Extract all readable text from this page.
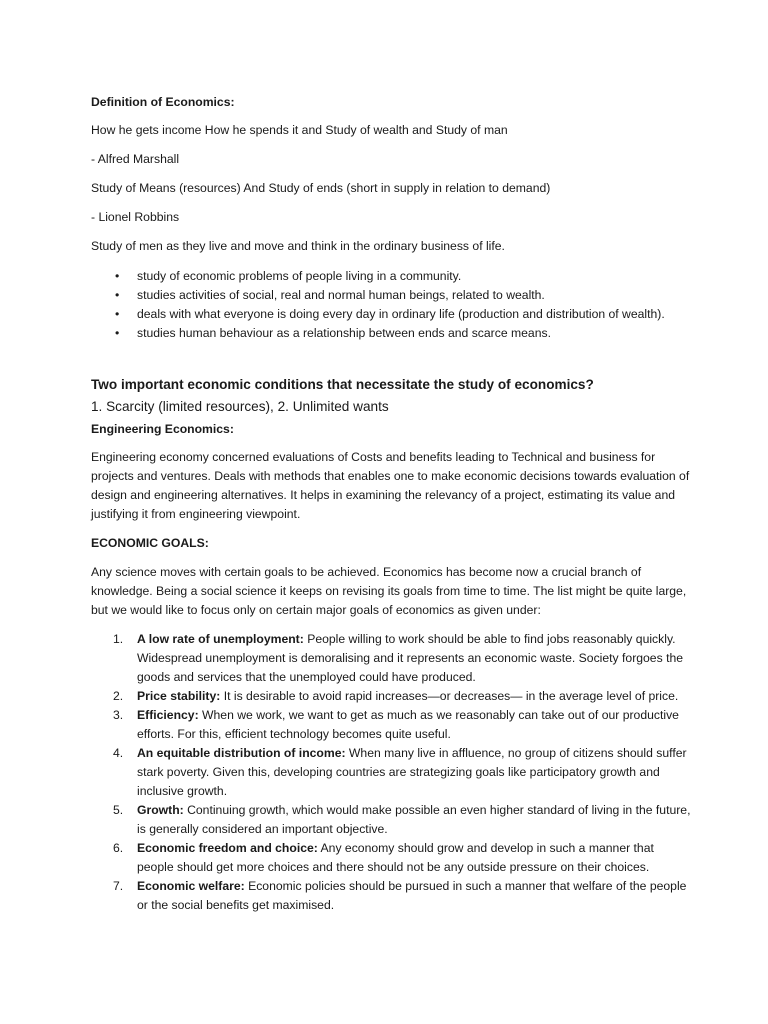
Definition of Economics:

How he gets income How he spends it and Study of wealth and Study of man

- Alfred Marshall

Study of Means (resources) And Study of ends (short in supply in relation to demand)

- Lionel Robbins

Study of men as they live and move and think in the ordinary business of life.

• study of economic problems of people living in a community.
• studies activities of social, real and normal human beings, related to wealth.
• deals with what everyone is doing every day in ordinary life (production and distribution of wealth).
• studies human behaviour as a relationship between ends and scarce means.

Two important economic conditions that necessitate the study of economics?

1. Scarcity (limited resources), 2. Unlimited wants

Engineering Economics:

Engineering economy concerned evaluations of Costs and benefits leading to Technical and business for projects and ventures. Deals with methods that enables one to make economic decisions towards evaluation of design and engineering alternatives. It helps in examining the relevancy of a project, estimating its value and justifying it from engineering viewpoint.

ECONOMIC GOALS:

Any science moves with certain goals to be achieved. Economics has become now a crucial branch of knowledge. Being a social science it keeps on revising its goals from time to time. The list might be quite large, but we would like to focus only on certain major goals of economics as given under:

1. A low rate of unemployment: People willing to work should be able to find jobs reasonably quickly. Widespread unemployment is demoralising and it represents an economic waste. Society forgoes the goods and services that the unemployed could have produced.
2. Price stability: It is desirable to avoid rapid increases—or decreases— in the average level of price.
3. Efficiency: When we work, we want to get as much as we reasonably can take out of our productive efforts. For this, efficient technology becomes quite useful.
4. An equitable distribution of income: When many live in affluence, no group of citizens should suffer stark poverty. Given this, developing countries are strategizing goals like participatory growth and inclusive growth.
5. Growth: Continuing growth, which would make possible an even higher standard of living in the future, is generally considered an important objective.
6. Economic freedom and choice: Any economy should grow and develop in such a manner that people should get more choices and there should not be any outside pressure on their choices.
7. Economic welfare: Economic policies should be pursued in such a manner that welfare of the people or the social benefits get maximised.
